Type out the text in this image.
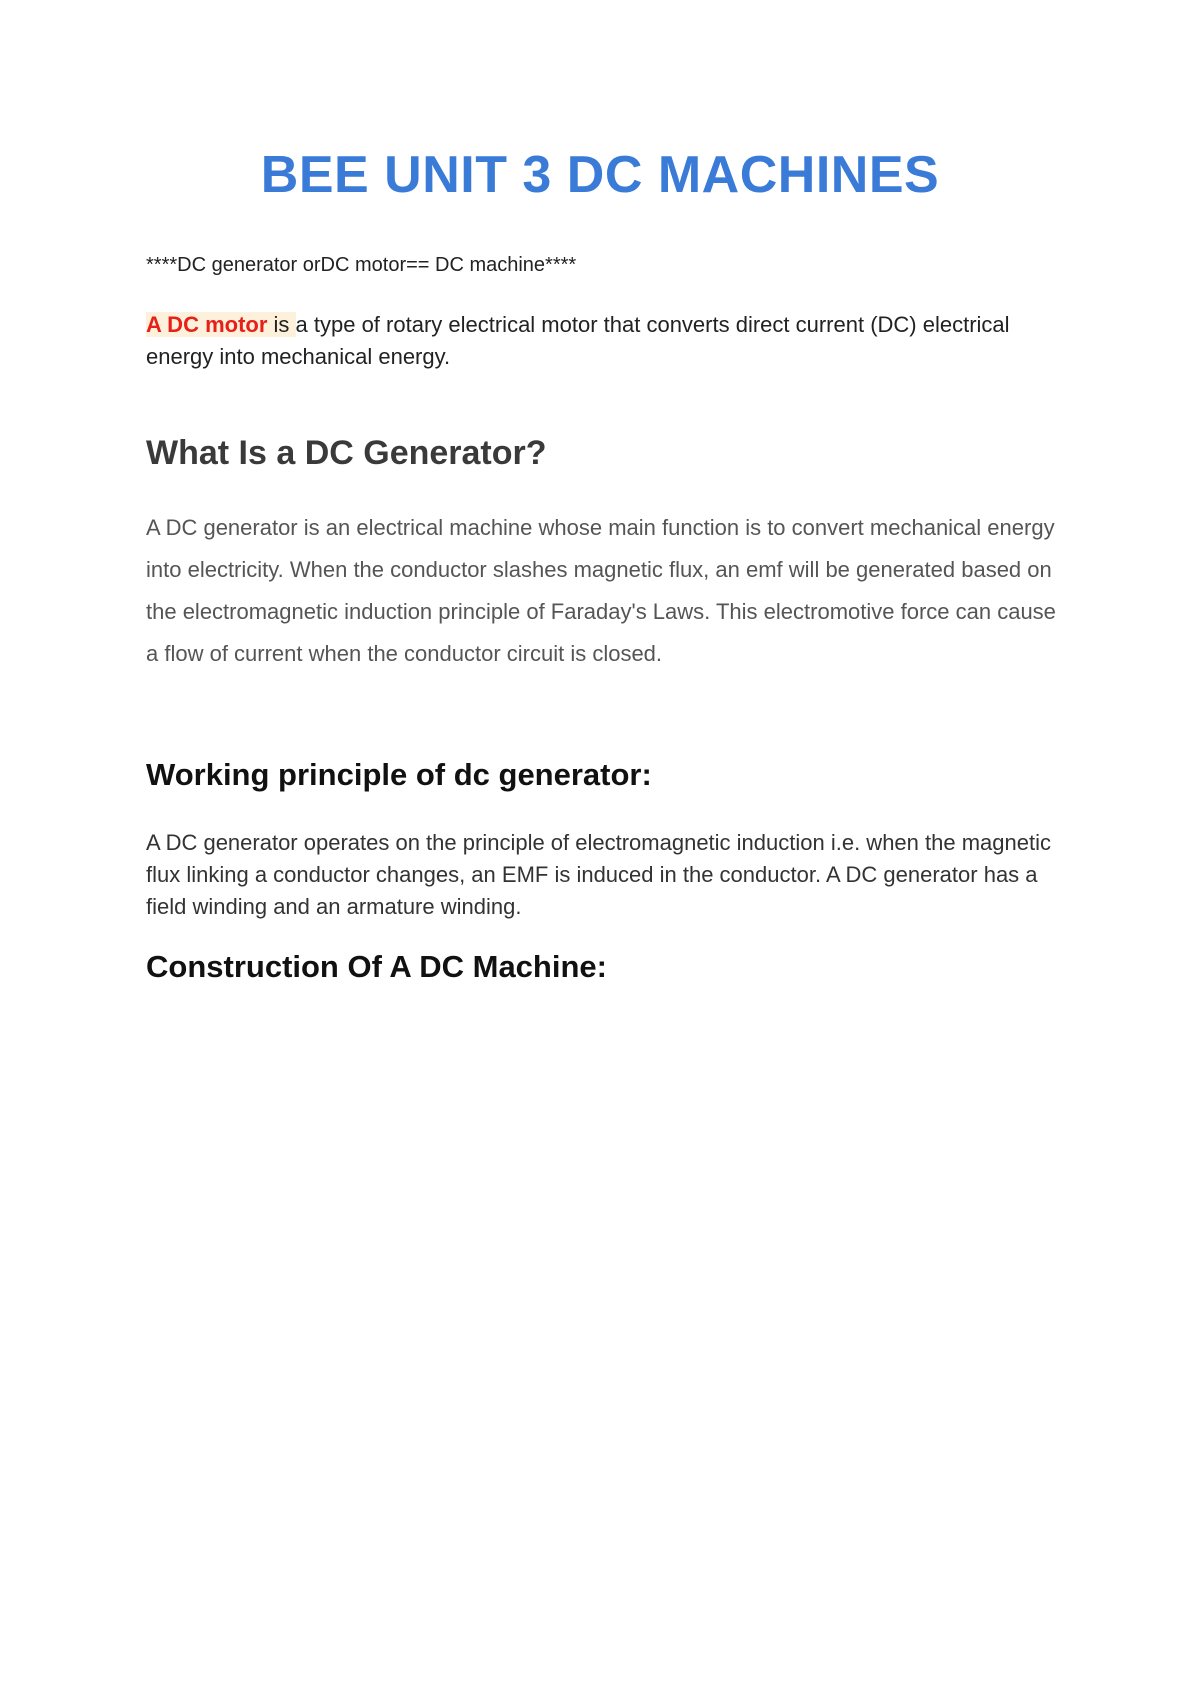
BEE UNIT 3 DC MACHINES

****DC generator orDC motor== DC machine****

A DC motor is a type of rotary electrical motor that converts direct current (DC) electrical energy into mechanical energy.

What Is a DC Generator?

A DC generator is an electrical machine whose main function is to convert mechanical energy into electricity. When the conductor slashes magnetic flux, an emf will be generated based on the electromagnetic induction principle of Faraday's Laws. This electromotive force can cause a flow of current when the conductor circuit is closed.

Working principle of dc generator:

A DC generator operates on the principle of electromagnetic induction i.e. when the magnetic flux linking a conductor changes, an EMF is induced in the conductor. A DC generator has a field winding and an armature winding.

Construction Of A DC Machine:
